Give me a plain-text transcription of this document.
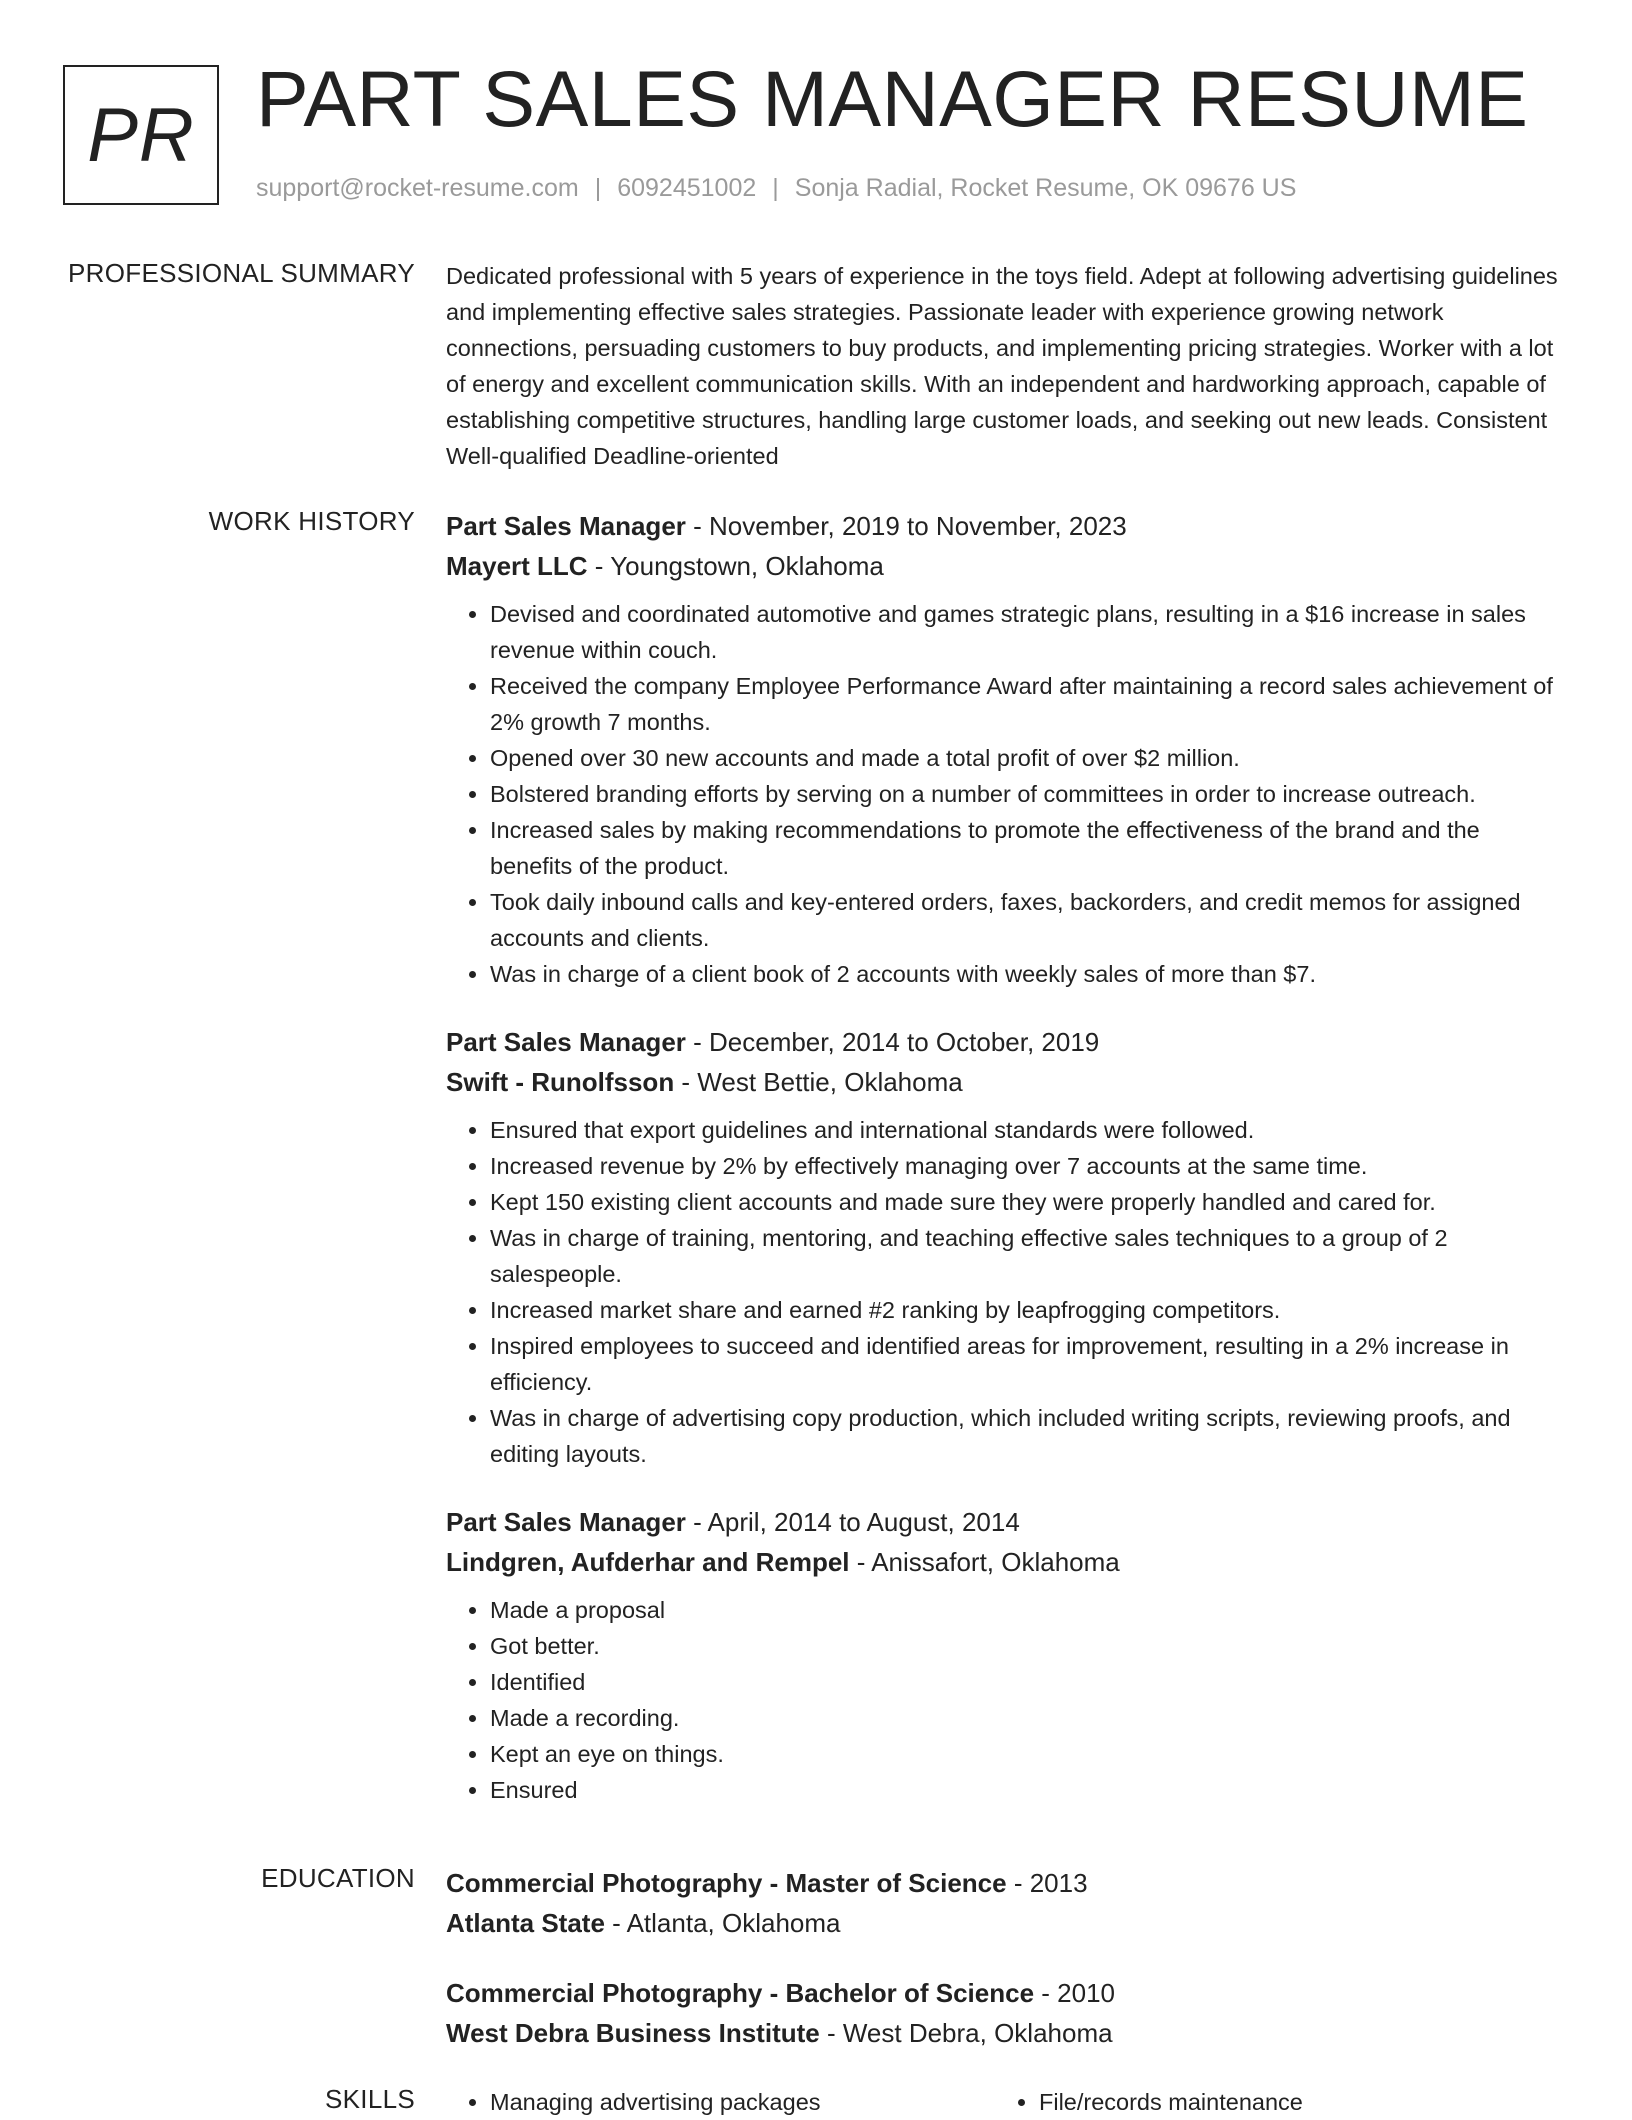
PR PART SALES MANAGER RESUME
support@rocket-resume.com | 6092451002 | Sonja Radial, Rocket Resume, OK 09676 US
PROFESSIONAL SUMMARY Dedicated professional with 5 years of experience in the toys field. Adept at following advertising guidelines and implementing effective sales strategies. Passionate leader with experience growing network connections, persuading customers to buy products, and implementing pricing strategies. Worker with a lot of energy and excellent communication skills. With an independent and hardworking approach, capable of establishing competitive structures, handling large customer loads, and seeking out new leads. Consistent Well-qualified Deadline-oriented

WORK HISTORY Part Sales Manager - November, 2019 to November, 2023
Mayert LLC - Youngstown, Oklahoma
• Devised and coordinated automotive and games strategic plans, resulting in a $16 increase in sales revenue within couch.
• Received the company Employee Performance Award after maintaining a record sales achievement of 2% growth 7 months.
• Opened over 30 new accounts and made a total profit of over $2 million.
• Bolstered branding efforts by serving on a number of committees in order to increase outreach.
• Increased sales by making recommendations to promote the effectiveness of the brand and the benefits of the product.
• Took daily inbound calls and key-entered orders, faxes, backorders, and credit memos for assigned accounts and clients.
• Was in charge of a client book of 2 accounts with weekly sales of more than $7.
Part Sales Manager - December, 2014 to October, 2019
Swift - Runolfsson - West Bettie, Oklahoma
• Ensured that export guidelines and international standards were followed.
• Increased revenue by 2% by effectively managing over 7 accounts at the same time.
• Kept 150 existing client accounts and made sure they were properly handled and cared for.
• Was in charge of training, mentoring, and teaching effective sales techniques to a group of 2 salespeople.
• Increased market share and earned #2 ranking by leapfrogging competitors.
• Inspired employees to succeed and identified areas for improvement, resulting in a 2% increase in efficiency.
• Was in charge of advertising copy production, which included writing scripts, reviewing proofs, and editing layouts.
Part Sales Manager - April, 2014 to August, 2014
Lindgren, Aufderhar and Rempel - Anissafort, Oklahoma
• Made a proposal
• Got better.
• Identified
• Made a recording.
• Kept an eye on things.
• Ensured
EDUCATION Commercial Photography - Master of Science - 2013
Atlanta State - Atlanta, Oklahoma
Commercial Photography - Bachelor of Science - 2010
West Debra Business Institute - West Debra, Oklahoma
SKILLS	• Managing advertising packages	• File/records maintenance
